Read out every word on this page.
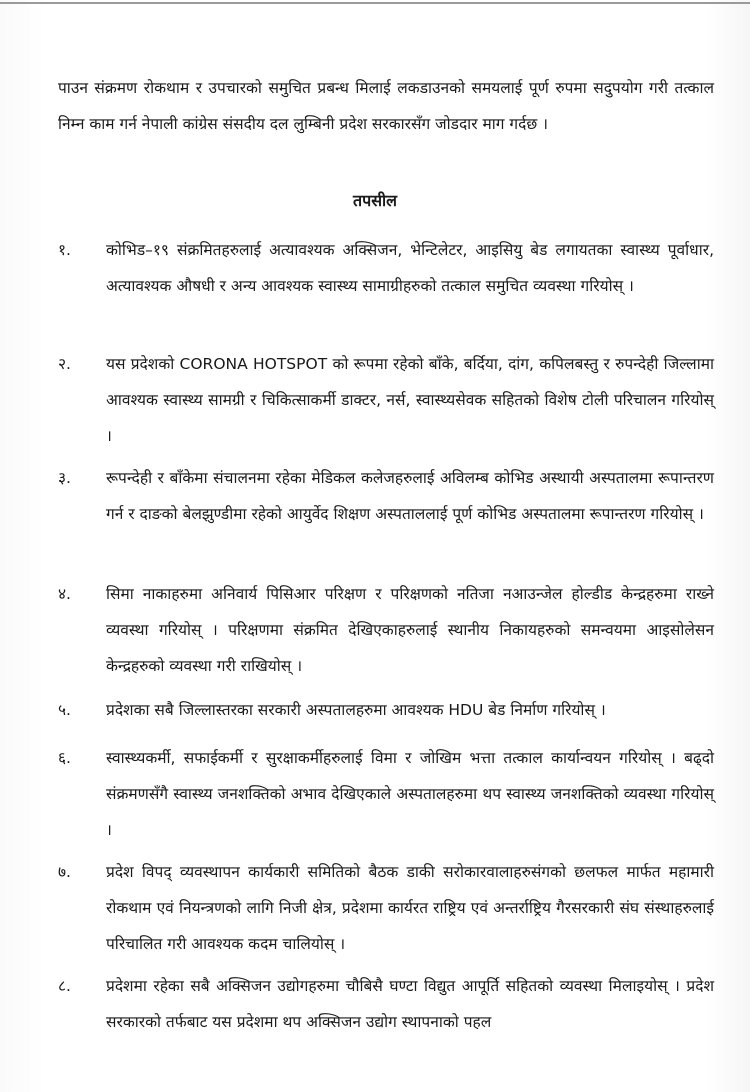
पाउन संक्रमण रोकथाम र उपचारको समुचित प्रबन्ध मिलाई लकडाउनको समयलाई पूर्ण रुपमा सदुपयोग गरी तत्काल निम्न काम गर्न नेपाली कांग्रेस संसदीय दल लुम्बिनी प्रदेश सरकारसँग जोडदार माग गर्दछ ।
तपसील
१.	कोभिड–१९ संक्रमितहरुलाई अत्यावश्यक अक्सिजन, भेन्टिलेटर, आइसियु बेड लगायतका स्वास्थ्य पूर्वाधार, अत्यावश्यक औषधी र अन्य आवश्यक स्वास्थ्य सामाग्रीहरुको तत्काल समुचित व्यवस्था गरियोस् ।
२.	यस प्रदेशको CORONA HOTSPOT को रूपमा रहेको बाँके, बर्दिया, दांग, कपिलबस्तु र रुपन्देही जिल्लामा आवश्यक स्वास्थ्य सामग्री र चिकित्साकर्मी डाक्टर, नर्स, स्वास्थ्यसेवक सहितको विशेष टोली परिचालन गरियोस् ।
३.	रूपन्देही र बाँकेमा संचालनमा रहेका मेडिकल कलेजहरुलाई अविलम्ब कोभिड अस्थायी अस्पतालमा रूपान्तरण गर्न र दाङको बेलझुण्डीमा रहेको आयुर्वेद शिक्षण अस्पताललाई पूर्ण कोभिड अस्पतालमा रूपान्तरण गरियोस् ।
४.	सिमा नाकाहरुमा अनिवार्य पिसिआर परिक्षण र परिक्षणको नतिजा नआउन्जेल होल्डीड केन्द्रहरुमा राख्ने व्यवस्था गरियोस् । परिक्षणमा संक्रमित देखिएकाहरुलाई स्थानीय निकायहरुको समन्वयमा आइसोलेसन केन्द्रहरुको व्यवस्था गरी राखियोस् ।
५.	प्रदेशका सबै जिल्लास्तरका सरकारी अस्पतालहरुमा आवश्यक HDU बेड निर्माण गरियोस् ।
६.	स्वास्थ्यकर्मी, सफाईकर्मी र सुरक्षाकर्मीहरुलाई विमा र जोखिम भत्ता तत्काल कार्यान्वयन गरियोस् । बढ्दो संक्रमणसँगै स्वास्थ्य जनशक्तिको अभाव देखिएकाले अस्पतालहरुमा थप स्वास्थ्य जनशक्तिको व्यवस्था गरियोस् ।
७.	प्रदेश विपद् व्यवस्थापन कार्यकारी समितिको बैठक डाकी सरोकारवालाहरुसंगको छलफल मार्फत महामारी रोकथाम एवं नियन्त्रणको लागि निजी क्षेत्र, प्रदेशमा कार्यरत राष्ट्रिय एवं अन्तर्राष्ट्रिय गैरसरकारी संघ संस्थाहरुलाई परिचालित गरी आवश्यक कदम चालियोस् ।
८.	प्रदेशमा रहेका सबै अक्सिजन उद्योगहरुमा चौबिसै घण्टा विद्युत आपूर्ति सहितको व्यवस्था मिलाइयोस् । प्रदेश सरकारको तर्फबाट यस प्रदेशमा थप अक्सिजन उद्योग स्थापनाको पहल
